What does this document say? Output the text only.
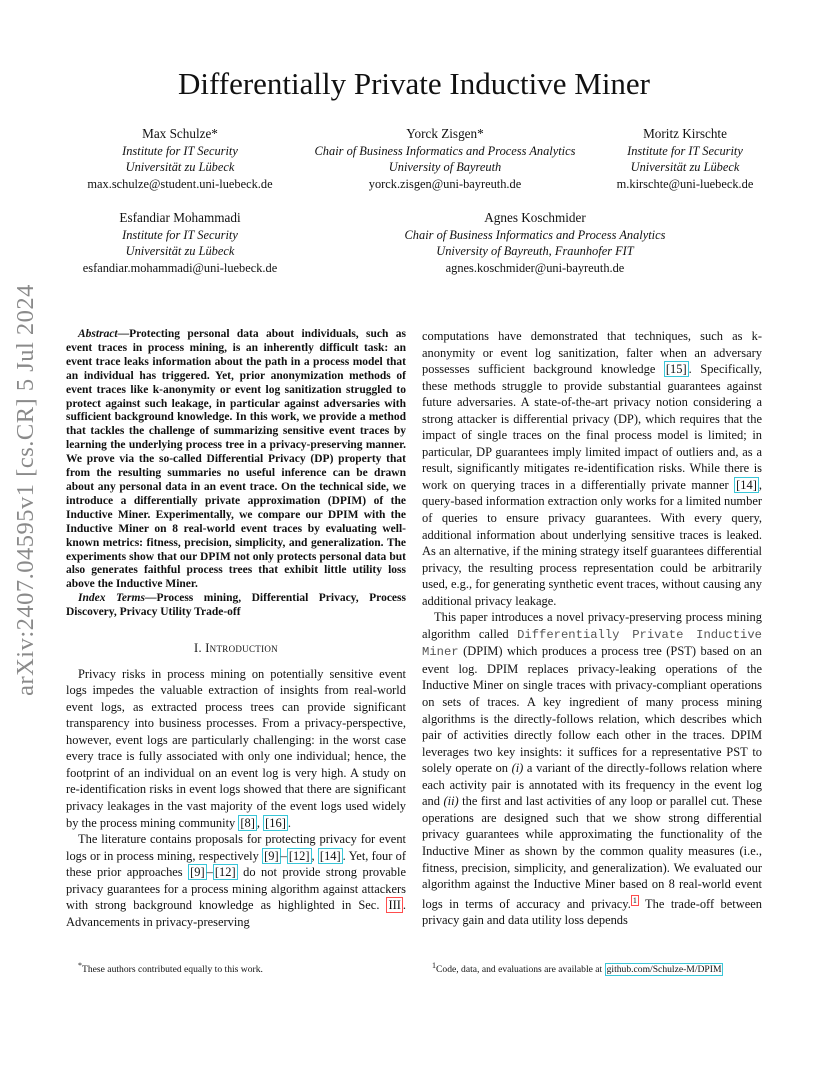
arXiv:2407.04595v1 [cs.CR] 5 Jul 2024
Differentially Private Inductive Miner
Max Schulze*
Institute for IT Security
Universität zu Lübeck
max.schulze@student.uni-luebeck.de
Yorck Zisgen*
Chair of Business Informatics and Process Analytics
University of Bayreuth
yorck.zisgen@uni-bayreuth.de
Moritz Kirschte
Institute for IT Security
Universität zu Lübeck
m.kirschte@uni-luebeck.de
Esfandiar Mohammadi
Institute for IT Security
Universität zu Lübeck
esfandiar.mohammadi@uni-luebeck.de
Agnes Koschmider
Chair of Business Informatics and Process Analytics
University of Bayreuth, Fraunhofer FIT
agnes.koschmider@uni-bayreuth.de

Abstract—Protecting personal data about individuals, such as event traces in process mining, is an inherently difficult task: an event trace leaks information about the path in a process model that an individual has triggered. Yet, prior anonymization methods of event traces like k-anonymity or event log sanitization struggled to protect against such leakage, in particular against adversaries with sufficient background knowledge. In this work, we provide a method that tackles the challenge of summarizing sensitive event traces by learning the underlying process tree in a privacy-preserving manner. We prove via the so-called Differential Privacy (DP) property that from the resulting summaries no useful inference can be drawn about any personal data in an event trace. On the technical side, we introduce a differentially private approximation (DPIM) of the Inductive Miner. Experimentally, we compare our DPIM with the Inductive Miner on 8 real-world event traces by evaluating well-known metrics: fitness, precision, simplicity, and generalization. The experiments show that our DPIM not only protects personal data but also generates faithful process trees that exhibit little utility loss above the Inductive Miner.

Index Terms—Process mining, Differential Privacy, Process Discovery, Privacy Utility Trade-off

I. Introduction

Privacy risks in process mining on potentially sensitive event logs impedes the valuable extraction of insights from real-world event logs, as extracted process trees can provide significant transparency into business processes. From a privacy-perspective, however, event logs are particularly challenging: in the worst case every trace is fully associated with only one individual; hence, the footprint of an individual on an event log is very high. A study on re-identification risks in event logs showed that there are significant privacy leakages in the vast majority of the event logs used widely by the process mining community [8] , [16] .

The literature contains proposals for protecting privacy for event logs or in process mining, respectively [9] – [12] , [14] . Yet, four of these prior approaches [9] – [12] do not provide strong provable privacy guarantees for a process mining algorithm against attackers with strong background knowledge as highlighted in Sec. III . Advancements in privacy-preserving

computations have demonstrated that techniques, such as k-anonymity or event log sanitization, falter when an adversary possesses sufficient background knowledge [15] . Specifically, these methods struggle to provide substantial guarantees against future adversaries. A state-of-the-art privacy notion considering a strong attacker is differential privacy (DP), which requires that the impact of single traces on the final process model is limited; in particular, DP guarantees imply limited impact of outliers and, as a result, significantly mitigates re-identification risks. While there is work on querying traces in a differentially private manner [14] , query-based information extraction only works for a limited number of queries to ensure privacy guarantees. With every query, additional information about underlying sensitive traces is leaked. As an alternative, if the mining strategy itself guarantees differential privacy, the resulting process representation could be arbitrarily used, e.g., for generating synthetic event traces, without causing any additional privacy leakage.

This paper introduces a novel privacy-preserving process mining algorithm called Differentially Private Inductive Miner (DPIM) which produces a process tree (PST) based on an event log. DPIM replaces privacy-leaking operations of the Inductive Miner on single traces with privacy-compliant operations on sets of traces. A key ingredient of many process mining algorithms is the directly-follows relation, which describes which pair of activities directly follow each other in the traces. DPIM leverages two key insights: it suffices for a representative PST to solely operate on (i) a variant of the directly-follows relation where each activity pair is annotated with its frequency in the event log and (ii) the first and last activities of any loop or parallel cut. These operations are designed such that we show strong differential privacy guarantees while approximating the functionality of the Inductive Miner as shown by the common quality measures (i.e., fitness, precision, simplicity, and generalization). We evaluated our algorithm against the Inductive Miner based on 8 real-world event logs in terms of accuracy and privacy. $^1$ The trade-off between privacy gain and data utility loss depends

*These authors contributed equally to this work.	$^1$Code, data, and evaluations are available at github.com/Schulze-M/DPIM
